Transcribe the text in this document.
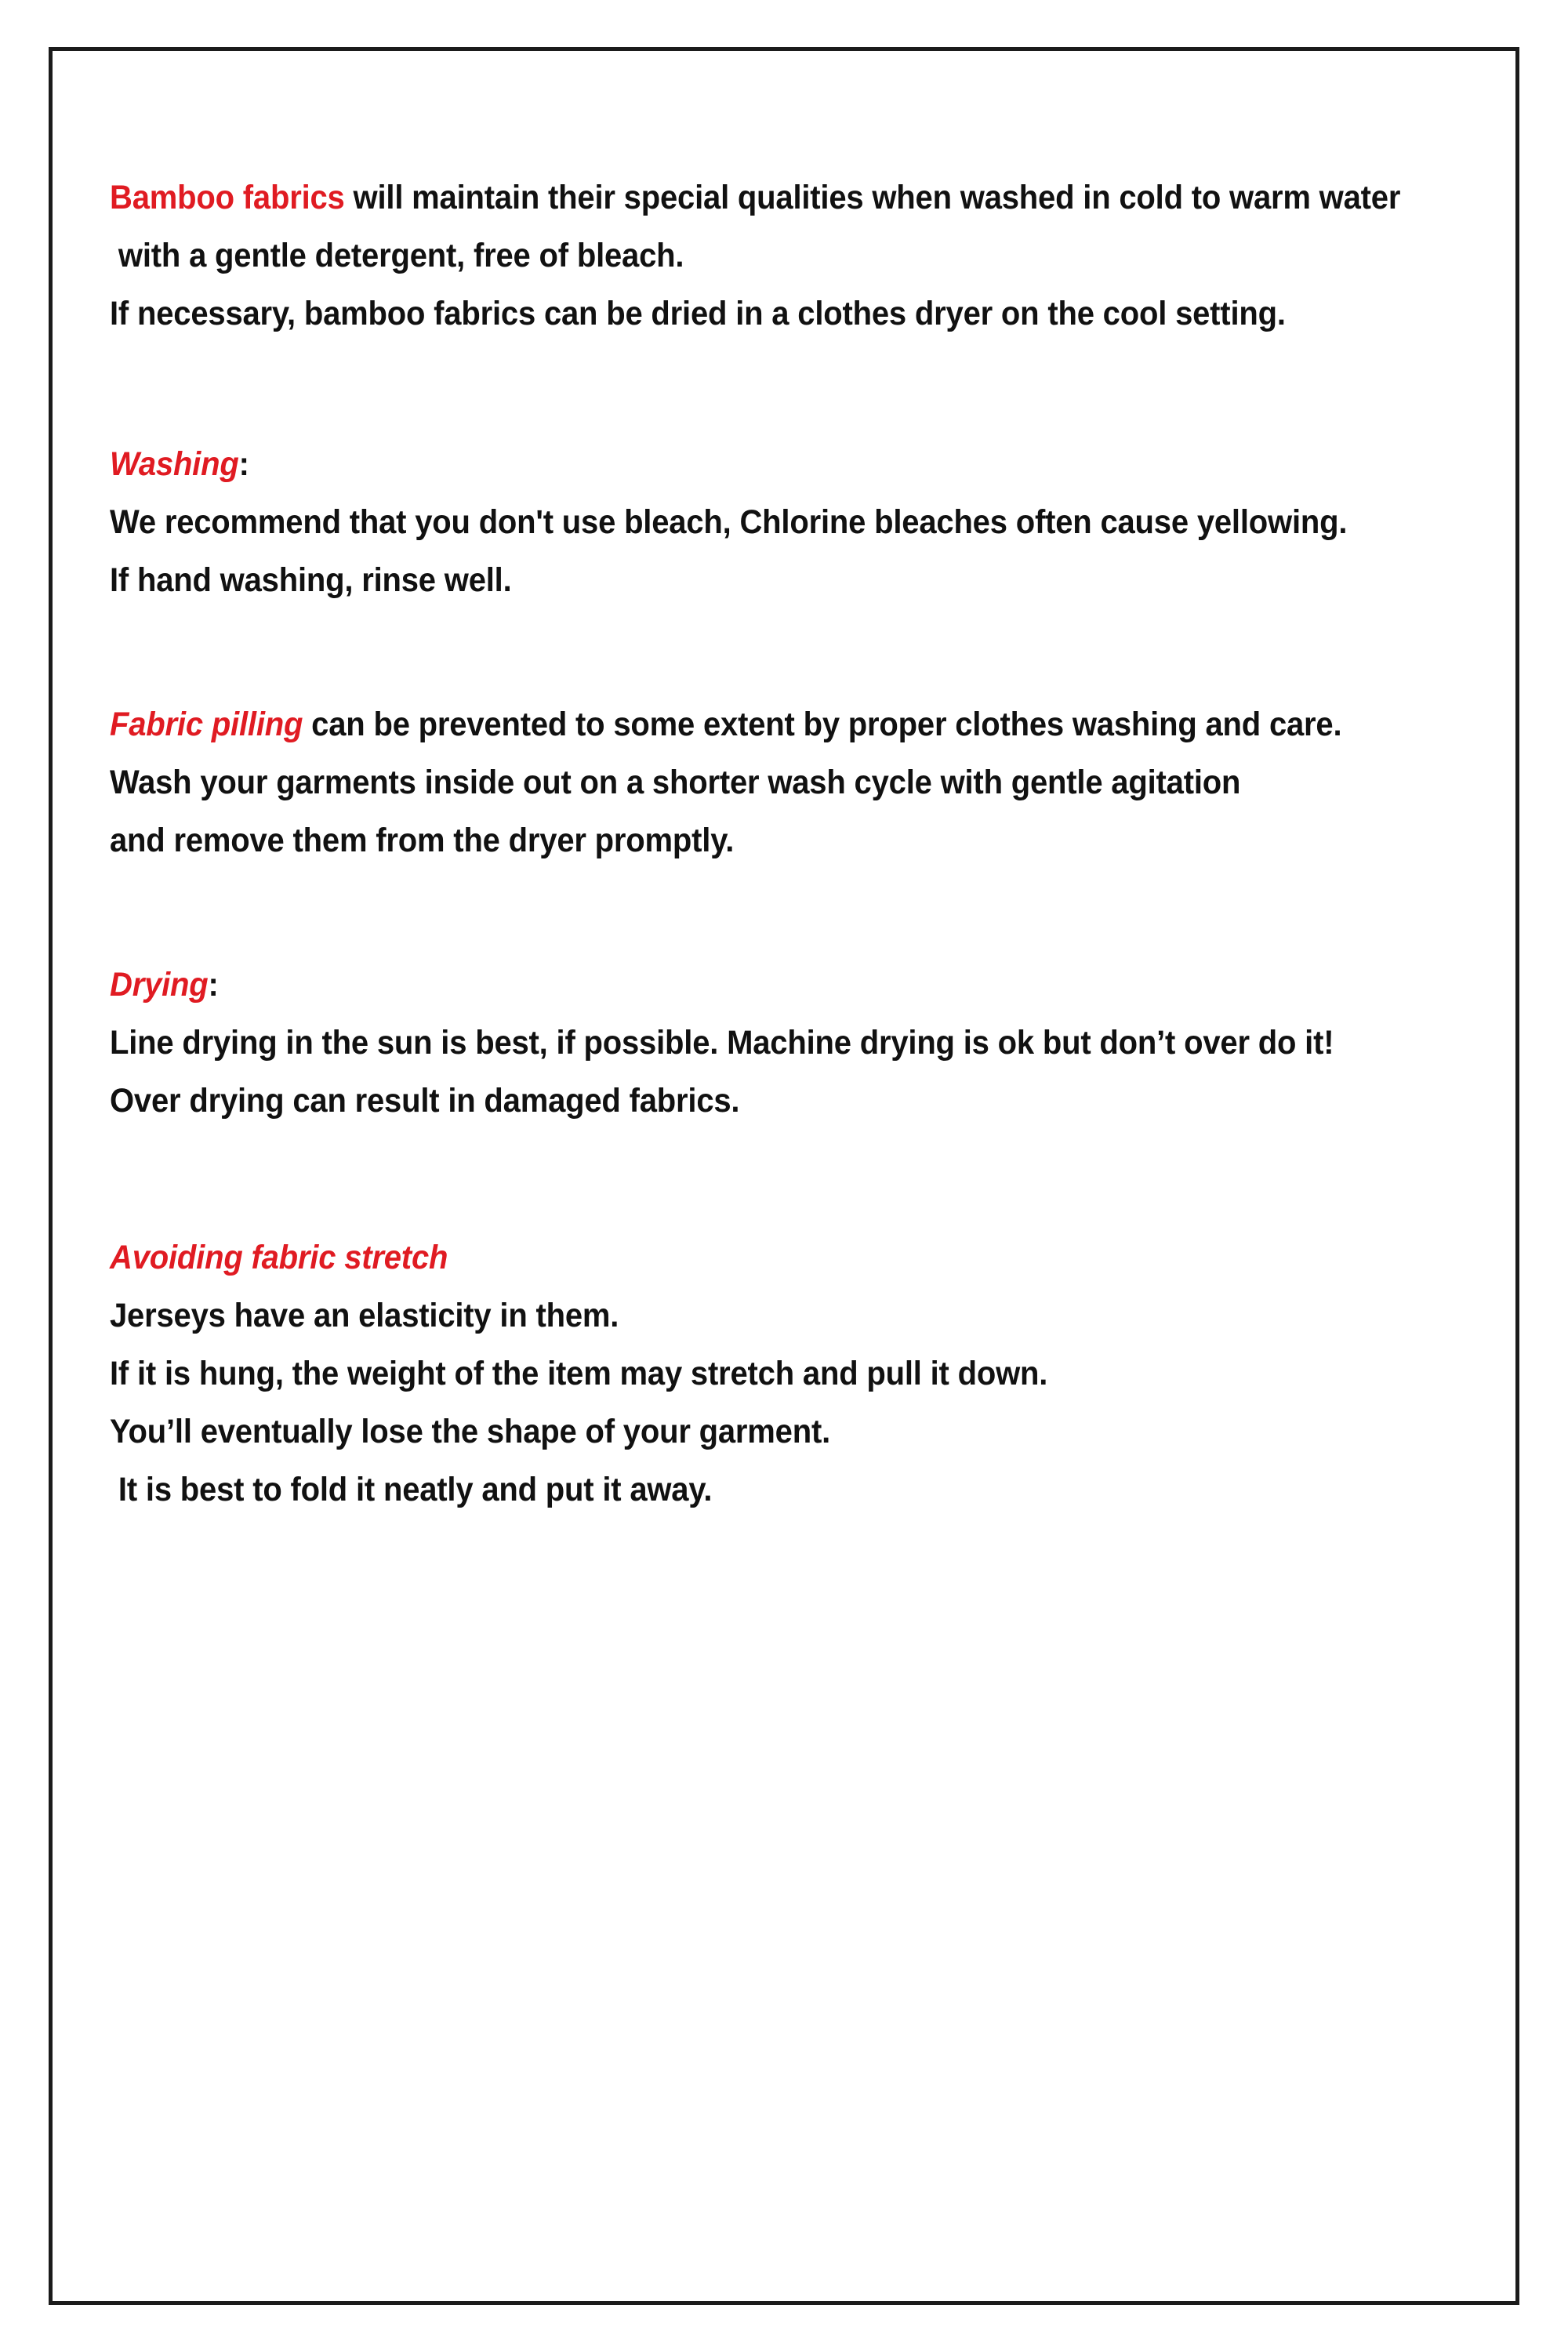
Bamboo fabrics will maintain their special qualities when washed in cold to warm water
with a gentle detergent, free of bleach.
If necessary, bamboo fabrics can be dried in a clothes dryer on the cool setting.
Washing:
We recommend that you don't use bleach, Chlorine bleaches often cause yellowing.
If hand washing, rinse well.
Fabric pilling can be prevented to some extent by proper clothes washing and care.
Wash your garments inside out on a shorter wash cycle with gentle agitation
and remove them from the dryer promptly.
Drying:
Line drying in the sun is best, if possible. Machine drying is ok but don’t over do it!
Over drying can result in damaged fabrics.
Avoiding fabric stretch
Jerseys have an elasticity in them.
If it is hung, the weight of the item may stretch and pull it down.
You’ll eventually lose the shape of your garment.
It is best to fold it neatly and put it away.
